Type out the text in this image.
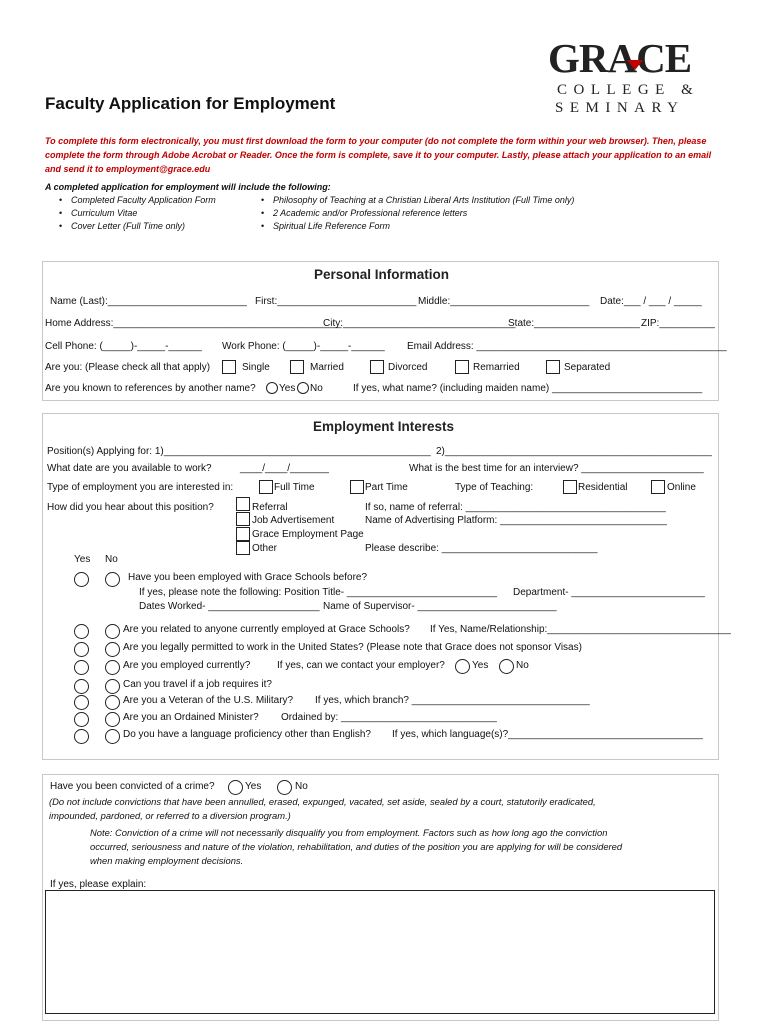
GRACE
COLLEGE &
SEMINARY
Faculty Application for Employment
To complete this form electronically, you must first download the form to your computer (do not complete the form within your web browser). Then, please
complete the form through Adobe Acrobat or Reader. Once the form is complete, save it to your computer. Lastly, please attach your application to an email
and send it to employment@grace.edu
A completed application for employment will include the following:
• Completed Faculty Application Form
• Curriculum Vitae
• Cover Letter (Full Time only)
• Philosophy of Teaching at a Christian Liberal Arts Institution (Full Time only)
• 2 Academic and/or Professional reference letters
• Spiritual Life Reference Form
Personal Information
Name (Last):_________________________ First:_________________________ Middle:_________________________ Date:___ / ___ / _____
Home Address:_________________________________________
City:_______________________________
State:___________________ ZIP:__________
Cell Phone: (_____)-_____-______ Work Phone: (_____)-_____-______ Email Address: _____________________________________________
Are you: (Please check all that apply)	Single	Married	Divorced	Remarried	Separated
Are you known to references by another name? Yes No	If yes, what name? (including maiden name) ___________________________
Employment Interests
Position(s) Applying for: 1)________________________________________________ 2)________________________________________________
What date are you available to work?	____/____/_______	What is the best time for an interview? ______________________
Type of employment you are interested in:	Full Time	Part Time	Type of Teaching:	Residential	Online
How did you hear about this position?	Referral
Job Advertisement
Grace Employment Page
Other
If so, name of referral: ____________________________________
Name of Advertising Platform: ______________________________
Please describe: ____________________________
Yes No
Have you been employed with Grace Schools before?
If yes, please note the following: Position Title- ___________________________ Department- ________________________
Dates Worked- ____________________ Name of Supervisor- _________________________
Are you related to anyone currently employed at Grace Schools? If Yes, Name/Relationship:_________________________________
Are you legally permitted to work in the United States? (Please note that Grace does not sponsor Visas)
Are you employed currently?	If yes, can we contact your employer?	Yes	No
Can you travel if a job requires it?
Are you a Veteran of the U.S. Military? If yes, which branch? ________________________________
Are you an Ordained Minister? Ordained by: ____________________________
Do you have a language proficiency other than English? If yes, which language(s)?___________________________________
Have you been convicted of a crime?	Yes	No
(Do not include convictions that have been annulled, erased, expunged, vacated, set aside, sealed by a court, statutorily eradicated,
impounded, pardoned, or referred to a diversion program.)
Note: Conviction of a crime will not necessarily disqualify you from employment. Factors such as how long ago the conviction
occurred, seriousness and nature of the violation, rehabilitation, and duties of the position you are applying for will be considered
when making employment decisions.
If yes, please explain:
